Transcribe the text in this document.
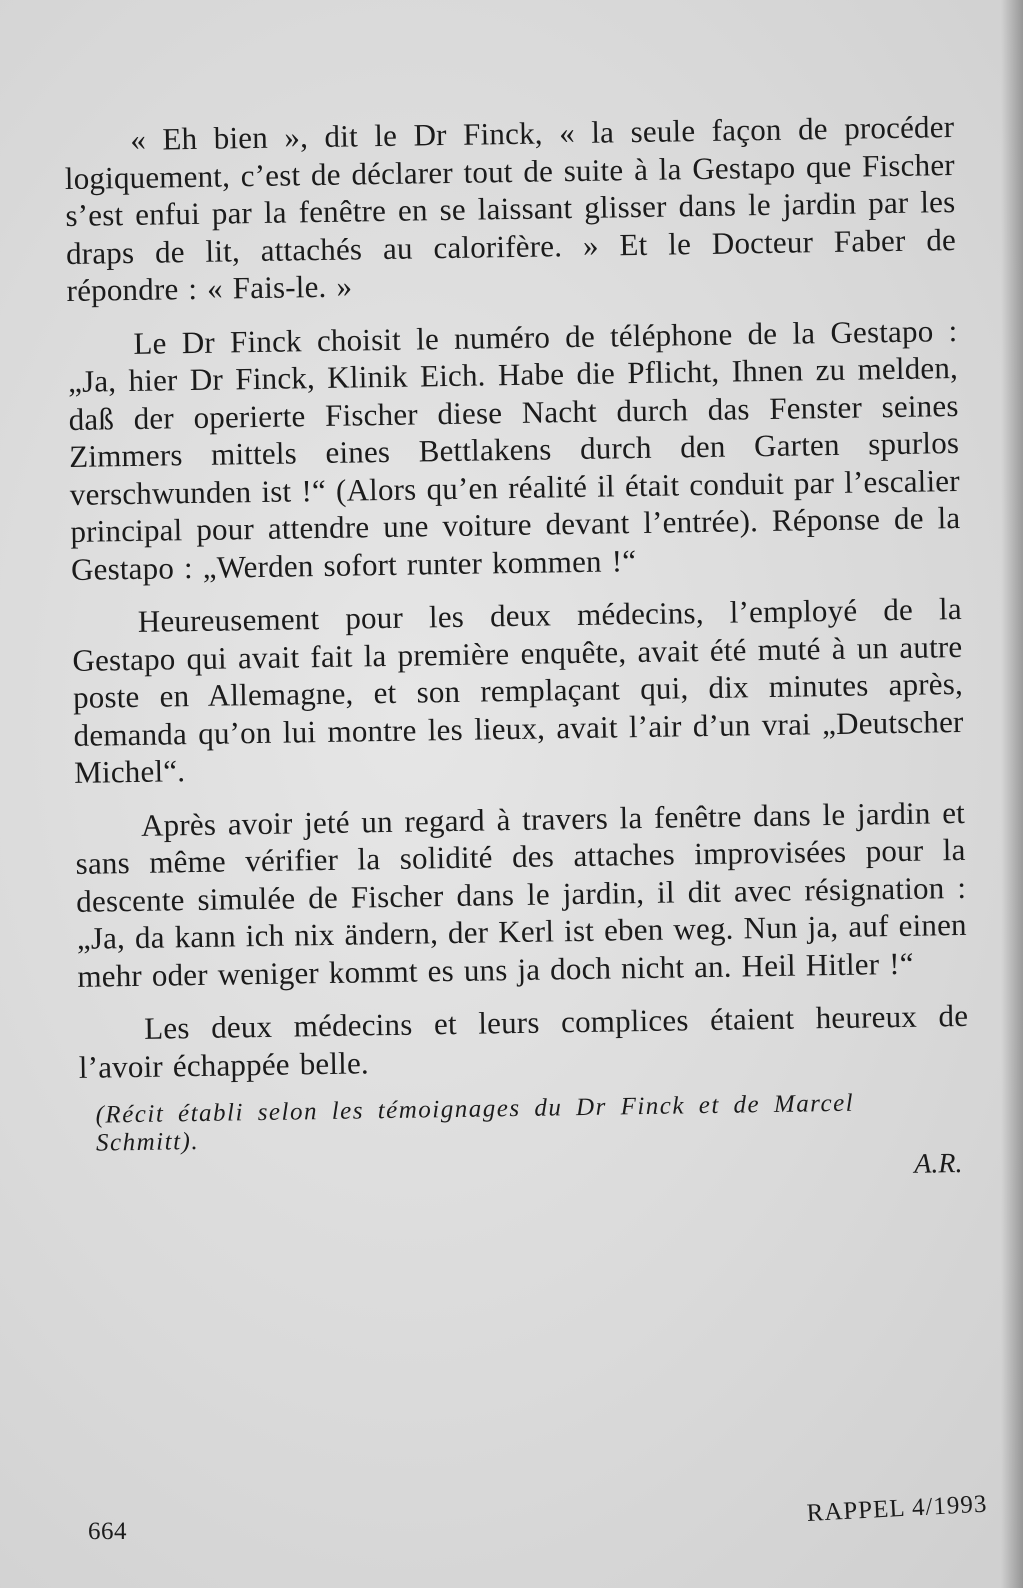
« Eh bien », dit le Dr Finck, « la seule façon de procéder logiquement, c’est de déclarer tout de suite à la Gestapo que Fischer s’est enfui par la fenêtre en se laissant glisser dans le jardin par les draps de lit, attachés au calorifère. » Et le Docteur Faber de répondre : « Fais-le. »

Le Dr Finck choisit le numéro de téléphone de la Gestapo : „Ja, hier Dr Finck, Klinik Eich. Habe die Pflicht, Ihnen zu melden, daß der operierte Fischer diese Nacht durch das Fenster seines Zimmers mittels eines Bettlakens durch den Garten spurlos verschwunden ist !“ (Alors qu’en réalité il était conduit par l’escalier principal pour attendre une voiture devant l’entrée). Réponse de la Gestapo : „Werden sofort runter kommen !“

Heureusement pour les deux médecins, l’employé de la Gestapo qui avait fait la première enquête, avait été muté à un autre poste en Allemagne, et son remplaçant qui, dix minutes après, demanda qu’on lui montre les lieux, avait l’air d’un vrai „Deutscher Michel“.

Après avoir jeté un regard à travers la fenêtre dans le jardin et sans même vérifier la solidité des attaches improvisées pour la descente simulée de Fischer dans le jardin, il dit avec résignation : „Ja, da kann ich nix ändern, der Kerl ist eben weg. Nun ja, auf einen mehr oder weniger kommt es uns ja doch nicht an. Heil Hitler !“

Les deux médecins et leurs complices étaient heureux de l’avoir échappée belle.

(Récit établi selon les témoignages du Dr Finck et de Marcel Schmitt).
A.R.
664
RAPPEL 4/1993
